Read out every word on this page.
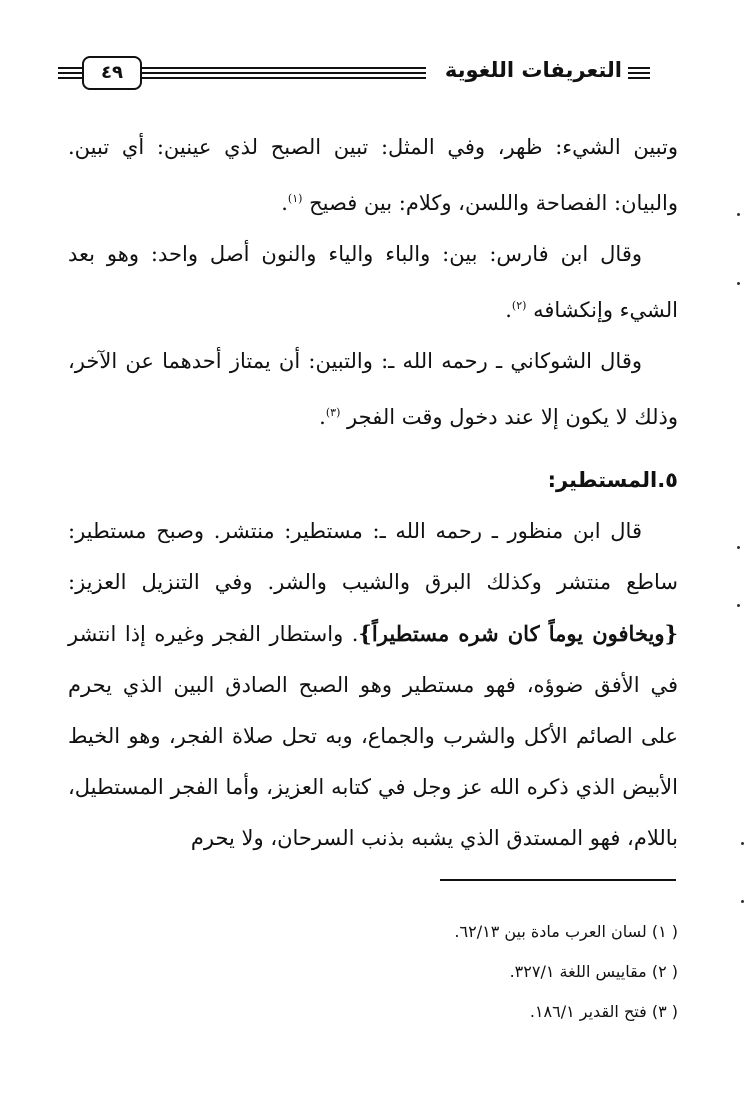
٤٩	التعريفات اللغوية

وتبين الشيء: ظهر، وفي المثل: تبين الصبح لذي عينين: أي تبين. والبيان: الفصاحة واللسن، وكلام: بين فصيح $^{(١)}$.

وقال ابن فارس: بين: والباء والياء والنون أصل واحد: وهو بعد الشيء وإنكشافه $^{(٢)}$.

وقال الشوكاني ـ رحمه الله ـ: والتبين: أن يمتاز أحدهما عن الآخر، وذلك لا يكون إلا عند دخول وقت الفجر $^{(٣)}$.

٥.المستطير:

قال ابن منظور ـ رحمه الله ـ: مستطير: منتشر. وصبح مستطير: ساطع منتشر وكذلك البرق والشيب والشر. وفي التنزيل العزيز: {ويخافون يوماً كان شره مستطيراً}. واستطار الفجر وغيره إذا انتشر في الأفق ضوؤه، فهو مستطير وهو الصبح الصادق البين الذي يحرم على الصائم الأكل والشرب والجماع، وبه تحل صلاة الفجر، وهو الخيط الأبيض الذي ذكره الله عز وجل في كتابه العزيز، وأما الفجر المستطيل، باللام، فهو المستدق الذي يشبه بذنب السرحان، ولا يحرم

( ١) لسان العرب مادة بين ٦٢/١٣.

( ٢) مقاييس اللغة ٣٢٧/١.

( ٣) فتح القدير ١٨٦/١.
